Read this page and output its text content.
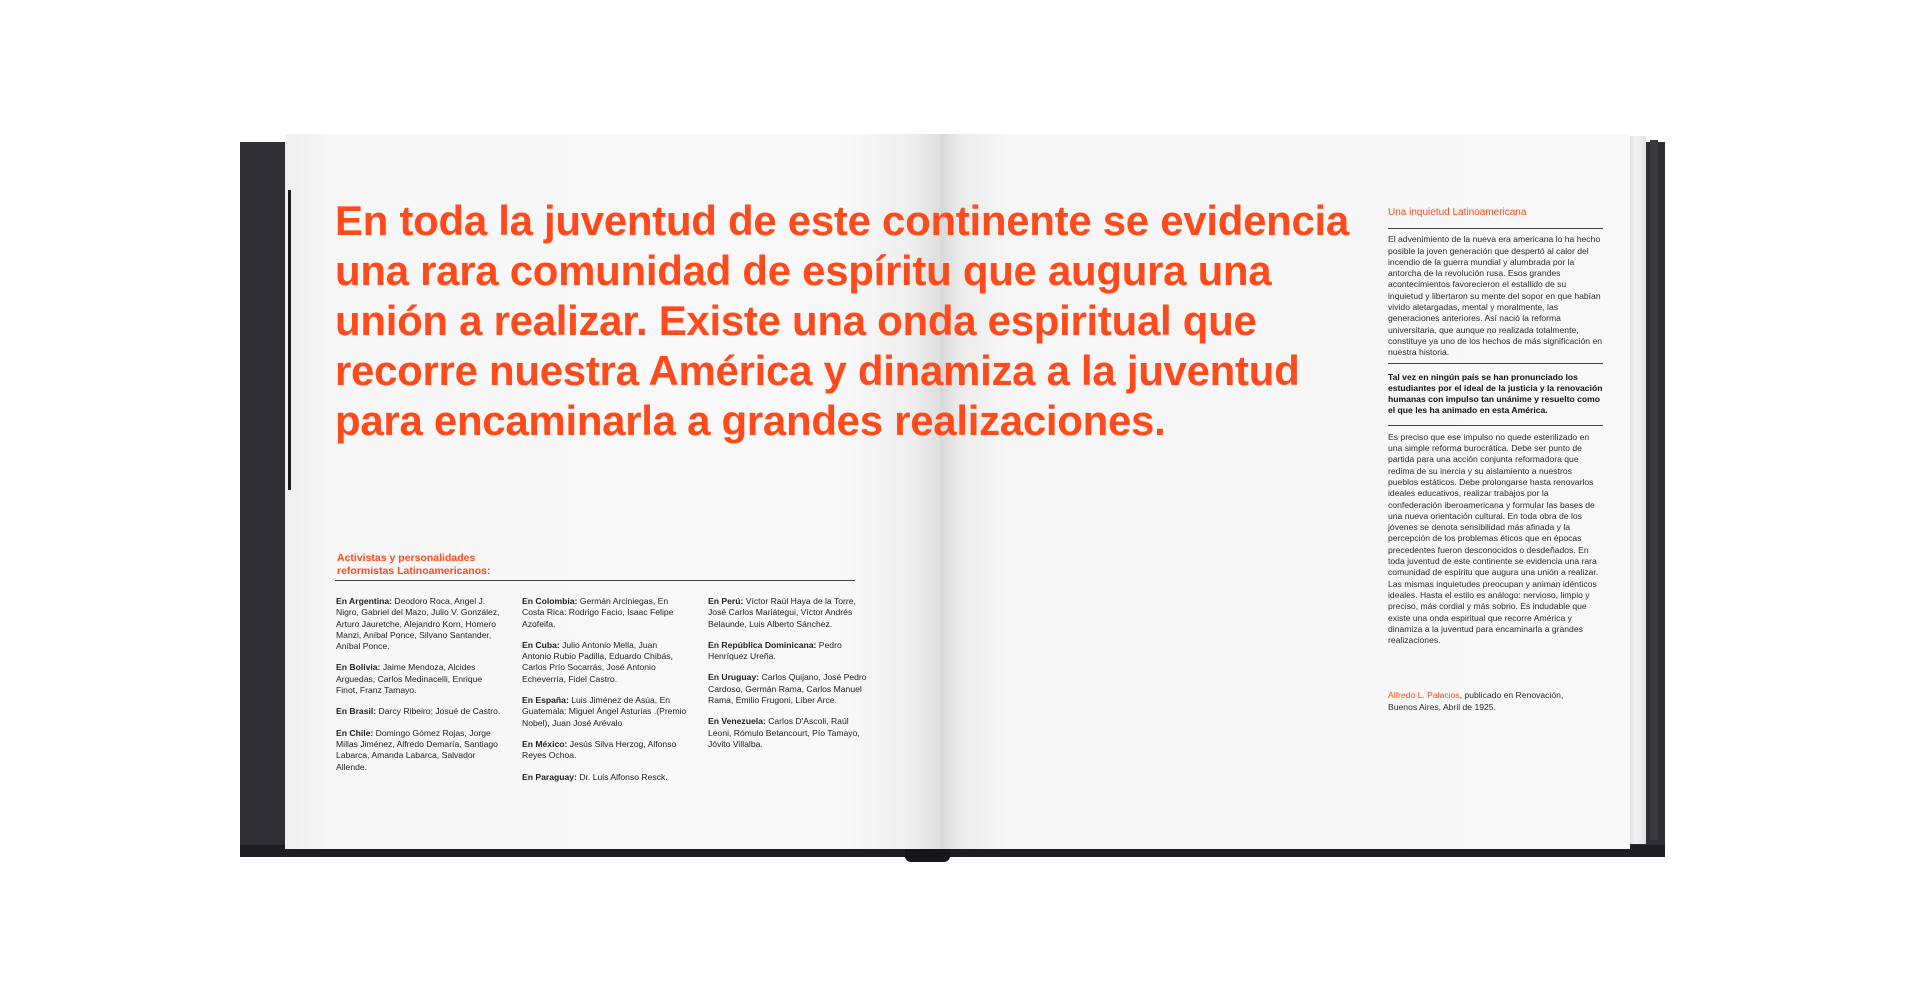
En toda la juventud de este continente se evidencia
una rara comunidad de espíritu que augura una
unión a realizar. Existe una onda espiritual que
recorre nuestra América y dinamiza a la juventud
para encaminarla a grandes realizaciones.

Activistas y personalidades
reformistas Latinoamericanos:

En Argentina: Deodoro Roca, Angel J. Nigro, Gabriel del Mazo, Julio V. González, Arturo Jauretche, Alejandro Korn, Homero Manzi, Aníbal Ponce, Silvano Santander, Aníbal Ponce.

En Bolivia: Jaime Mendoza, Alcides Arguedas, Carlos Medinacelli, Enrique Finot, Franz Tamayo.

En Brasil: Darcy Ribeiro; Josué de Castro.

En Chile: Domingo Gómez Rojas, Jorge Millas Jiménez, Alfredo Demaría, Santiago Labarca, Amanda Labarca, Salvador Allende.

En Colombia: Germán Arciniegas, En Costa Rica: Rodrigo Facio, Isaac Felipe Azofeifa.

En Cuba: Julio Antonio Mella, Juan Antonio Rubio Padilla, Eduardo Chibás, Carlos Prío Socarrás, José Antonio Echeverría, Fidel Castro.

En España: Luis Jiménez de Asúa, En Guatemala: Miguel Ángel Asturias .(Premio Nobel), Juan José Arévalo

En México: Jesús Silva Herzog, Alfonso Reyes Ochoa.

En Paraguay: Dr. Luis Alfonso Resck.

En Perú: Víctor Raúl Haya de la Torre, José Carlos Mariátegui, Víctor Andrés Belaunde, Luis Alberto Sánchez.

En República Dominicana: Pedro Henríquez Ureña.

En Uruguay: Carlos Quijano, José Pedro Cardoso, Germán Rama, Carlos Manuel Rama, Emilio Frugoni, Líber Arce.

En Venezuela: Carlos D'Ascoli, Raúl Leoni, Rómulo Betancourt, Pío Tamayo, Jóvito Villalba.

Una inquietud Latinoamericana

El advenimiento de la nueva era americana lo ha hecho posible la joven generación que despertó al calor del incendio de la guerra mundial y alumbrada por la antorcha de la revolución rusa. Esos grandes acontecimientos favorecieron el estallido de su inquietud y libertaron su mente del sopor en que habían vivido aletargadas, mental y moralmente, las generaciones anteriores. Así nació la reforma universitaria, que aunque no realizada totalmente, constituye ya uno de los hechos de más significación en nuestra historia.

Tal vez en ningún país se han pronunciado los estudiantes por el ideal de la justicia y la renovación humanas con impulso tan unánime y resuelto como el que les ha animado en esta América.

Es preciso que ese impulso no quede esterilizado en una simple reforma burocrática. Debe ser punto de partida para una acción conjunta reformadora que redima de su inercia y su aislamiento a nuestros pueblos estáticos. Debe prolongarse hasta renovarlos ideales educativos, realizar trabajos por la confederación iberoamericana y formular las bases de una nueva orientación cultural. En toda obra de los jóvenes se denota sensibilidad más afinada y la percepción de los problemas éticos que en épocas precedentes fueron desconocidos o desdeñados. En toda juventud de este continente se evidencia una rara comunidad de espíritu que augura una unión a realizar. Las mismas inquietudes preocupan y animan idénticos ideales. Hasta el estilo es análogo: nervioso, limpio y preciso, más cordial y más sobrio. Es indudable que existe una onda espiritual que recorre América y dinamiza a la juventud para encaminarla a grandes realizaciones.

Alfredo L. Palacios, publicado en Renovación,
Buenos Aires, Abril de 1925.
